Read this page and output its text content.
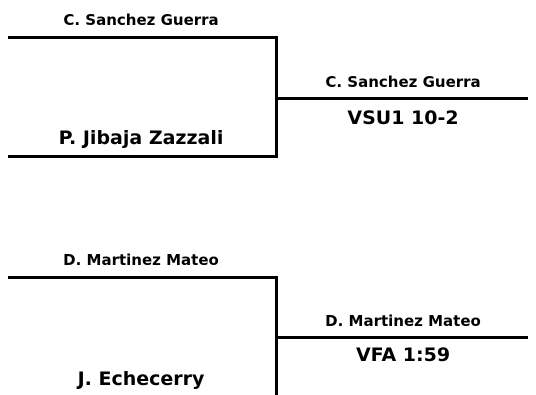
C. Sanchez Guerra
P. Jibaja Zazzali
C. Sanchez Guerra
VSU1 10-2
D. Martinez Mateo
D. Martinez Mateo
VFA 1:59
J. Echecerry
